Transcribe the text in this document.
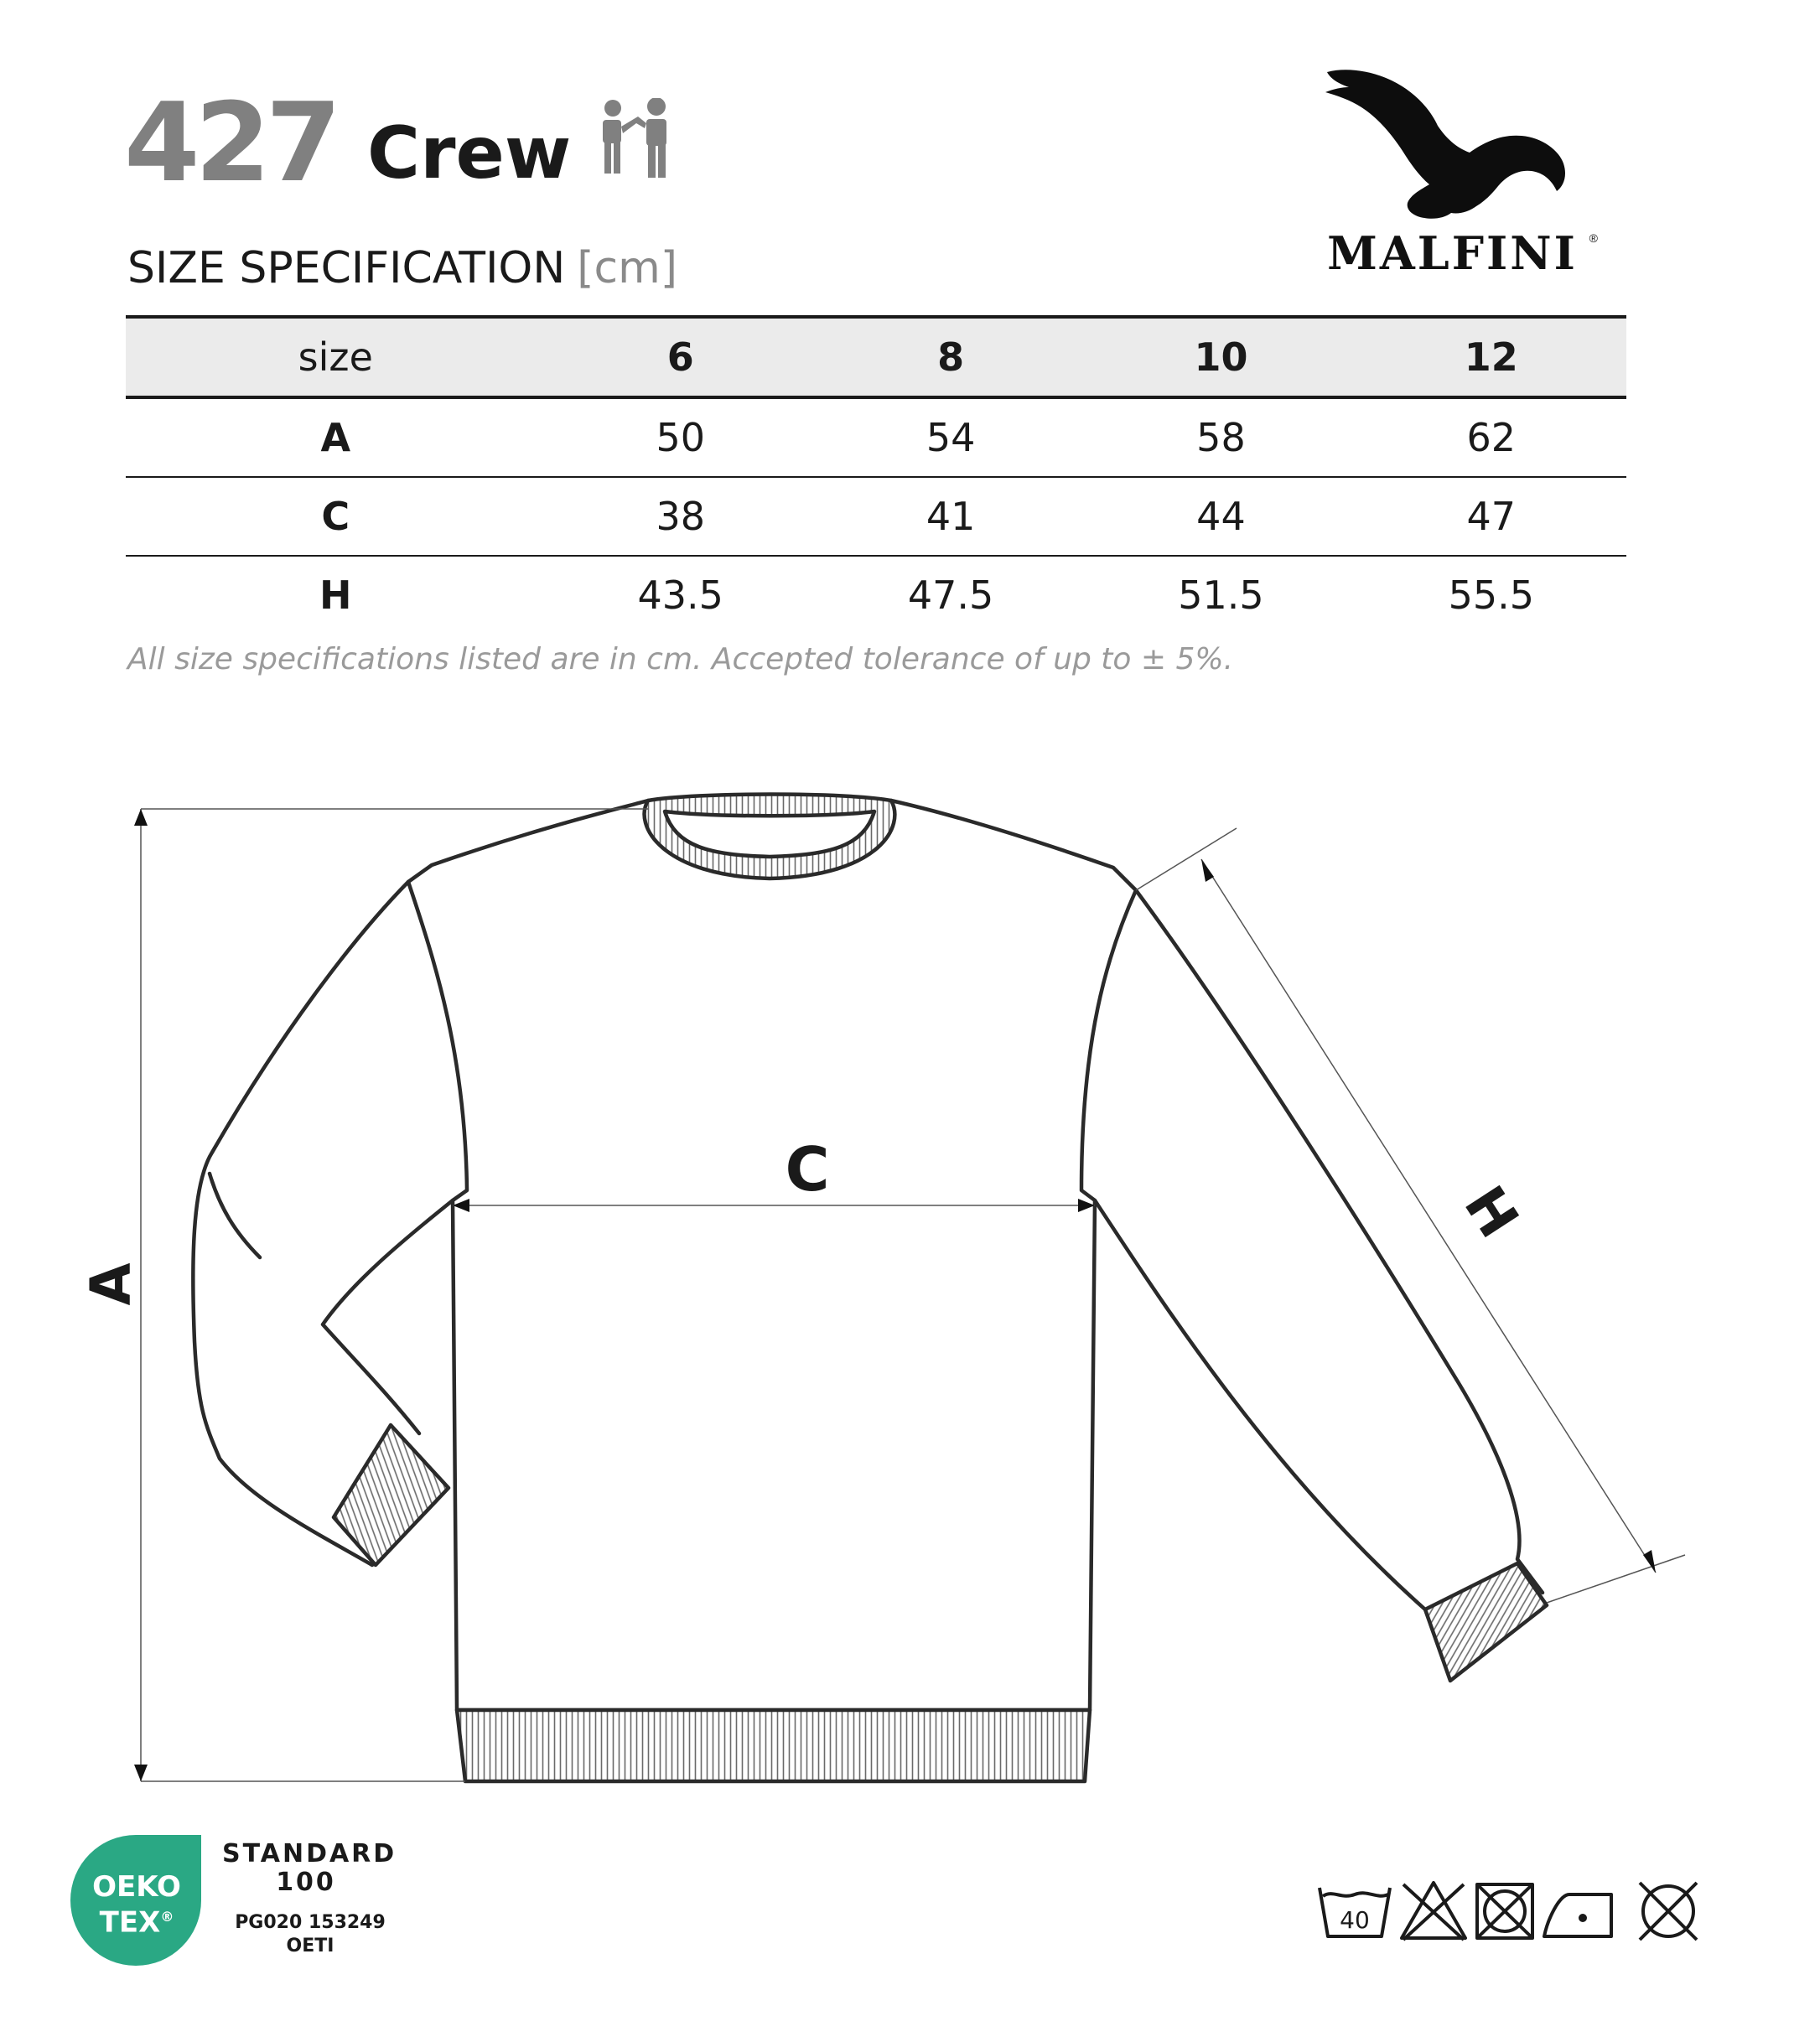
427 Crew
SIZE SPECIFICATION [cm]	MALFINI ®
size	6	8	10	12
A	50	54	58	62
C	38	41	44	47
H	43.5	47.5	51.5	55.5
All size specifications listed are in cm. Accepted tolerance of up to ± 5%.
A
C
H
OEKO
TEX®
STANDARD
100
PG020 153249
OETI
40
